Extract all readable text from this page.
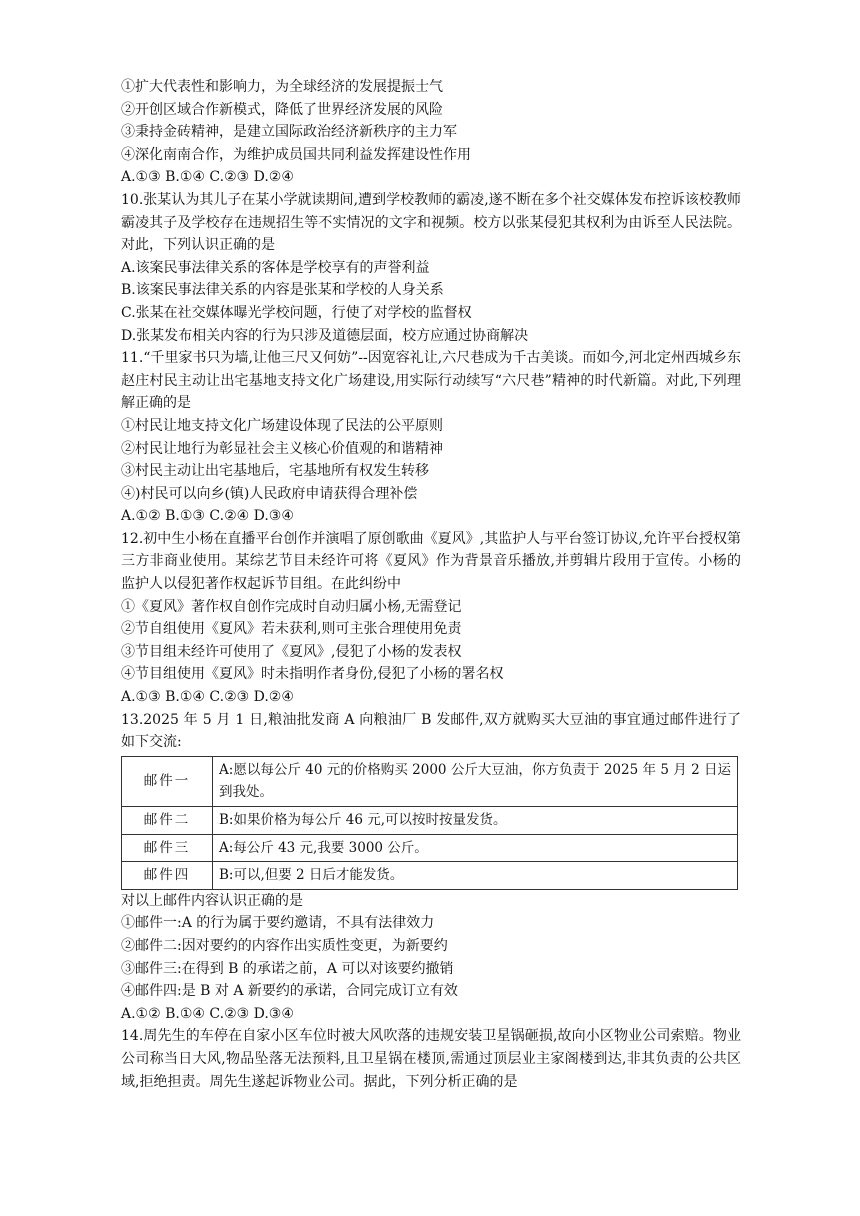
①扩大代表性和影响力，为全球经济的发展提振士气
②开创区域合作新模式，降低了世界经济发展的风险
③秉持金砖精神，是建立国际政治经济新秩序的主力军
④深化南南合作，为维护成员国共同利益发挥建设性作用
A.①③ B.①④ C.②③ D.②④
10.张某认为其儿子在某小学就读期间,遭到学校教师的霸凌,遂不断在多个社交媒体发布控诉该校教师霸凌其子及学校存在违规招生等不实情况的文字和视频。校方以张某侵犯其权利为由诉至人民法院。对此，下列认识正确的是
A.该案民事法律关系的客体是学校享有的声誉利益
B.该案民事法律关系的内容是张某和学校的人身关系
C.张某在社交媒体曝光学校问题，行使了对学校的监督权
D.张某发布相关内容的行为只涉及道德层面，校方应通过协商解决
11.“千里家书只为墙,让他三尺又何妨”--因宽容礼让,六尺巷成为千古美谈。而如今,河北定州西城乡东赵庄村民主动让出宅基地支持文化广场建设,用实际行动续写“六尺巷”精神的时代新篇。对此,下列理解正确的是
①村民让地支持文化广场建设体现了民法的公平原则
②村民让地行为彰显社会主义核心价值观的和谐精神
③村民主动让出宅基地后，宅基地所有权发生转移
④)村民可以向乡(镇)人民政府申请获得合理补偿
A.①② B.①③ C.②④ D.③④
12.初中生小杨在直播平台创作并演唱了原创歌曲《夏风》,其监护人与平台签订协议,允许平台授权第三方非商业使用。某综艺节目未经许可将《夏风》作为背景音乐播放,并剪辑片段用于宣传。小杨的监护人以侵犯著作权起诉节目组。在此纠纷中
①《夏风》著作权自创作完成时自动归属小杨,无需登记
②节自组使用《夏风》若未获利,则可主张合理使用免责
③节目组未经许可使用了《夏风》,侵犯了小杨的发表权
④节目组使用《夏风》时未指明作者身份,侵犯了小杨的署名权
A.①③ B.①④ C.②③ D.②④
13.2025 年 5 月 1 日,粮油批发商 A 向粮油厂 B 发邮件,双方就购买大豆油的事宜通过邮件进行了如下交流:
邮件一	A:愿以每公斤 40 元的价格购买 2000 公斤大豆油，你方负责于 2025 年 5 月 2 日运到我处。
邮件二	B:如果价格为每公斤 46 元,可以按时按量发货。
邮件三	A:每公斤 43 元,我要 3000 公斤。
邮件四	B:可以,但要 2 日后才能发货。
对以上邮件内容认识正确的是
①邮件一:A 的行为属于要约邀请，不具有法律效力
②邮件二:因对要约的内容作出实质性变更，为新要约
③邮件三:在得到 B 的承诺之前，A 可以对该要约撤销
④邮件四:是 B 对 A 新要约的承诺，合同完成订立有效
A.①② B.①④ C.②③ D.③④
14.周先生的车停在自家小区车位时被大风吹落的违规安装卫星锅砸损,故向小区物业公司索赔。物业公司称当日大风,物品坠落无法预料,且卫星锅在楼顶,需通过顶层业主家阁楼到达,非其负责的公共区域,拒绝担责。周先生遂起诉物业公司。据此，下列分析正确的是
